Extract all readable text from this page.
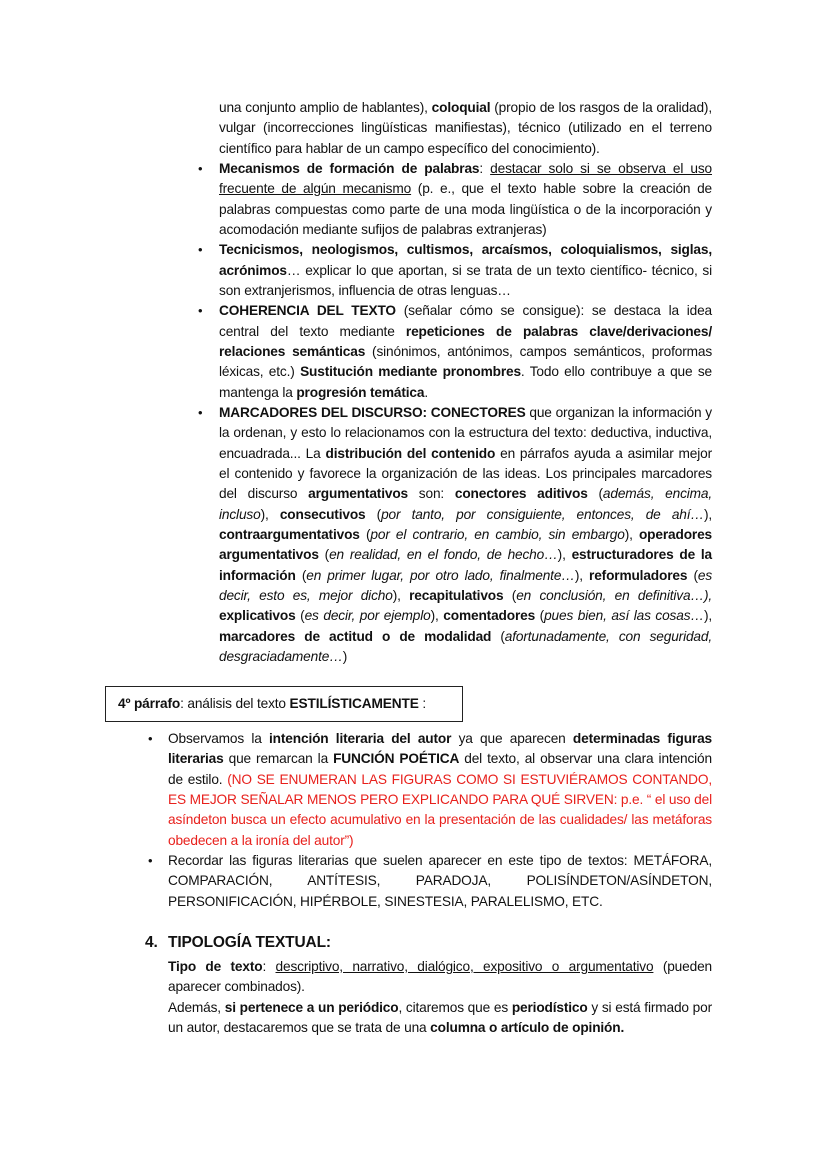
una conjunto amplio de hablantes), coloquial (propio de los rasgos de la oralidad), vulgar (incorrecciones lingüísticas manifiestas), técnico (utilizado en el terreno científico para hablar de un campo específico del conocimiento).

• Mecanismos de formación de palabras: destacar solo si se observa el uso frecuente de algún mecanismo (p. e., que el texto hable sobre la creación de palabras compuestas como parte de una moda lingüística o de la incorporación y acomodación mediante sufijos de palabras extranjeras)

• Tecnicismos, neologismos, cultismos, arcaísmos, coloquialismos, siglas, acrónimos… explicar lo que aportan, si se trata de un texto científico- técnico, si son extranjerismos, influencia de otras lenguas…

• COHERENCIA DEL TEXTO (señalar cómo se consigue): se destaca la idea central del texto mediante repeticiones de palabras clave/derivaciones/ relaciones semánticas (sinónimos, antónimos, campos semánticos, proformas léxicas, etc.) Sustitución mediante pronombres. Todo ello contribuye a que se mantenga la progresión temática.

• MARCADORES DEL DISCURSO: CONECTORES que organizan la información y la ordenan, y esto lo relacionamos con la estructura del texto: deductiva, inductiva, encuadrada... La distribución del contenido en párrafos ayuda a asimilar mejor el contenido y favorece la organización de las ideas. Los principales marcadores del discurso argumentativos son: conectores aditivos (además, encima, incluso), consecutivos (por tanto, por consiguiente, entonces, de ahí…), contraargumentativos (por el contrario, en cambio, sin embargo), operadores argumentativos (en realidad, en el fondo, de hecho…), estructuradores de la información (en primer lugar, por otro lado, finalmente…), reformuladores (es decir, esto es, mejor dicho), recapitulativos (en conclusión, en definitiva…), explicativos (es decir, por ejemplo), comentadores (pues bien, así las cosas…), marcadores de actitud o de modalidad (afortunadamente, con seguridad, desgraciadamente…)

4º párrafo: análisis del texto ESTILÍSTICAMENTE :
• Observamos la intención literaria del autor ya que aparecen determinadas figuras literarias que remarcan la FUNCIÓN POÉTICA del texto, al observar una clara intención de estilo. (NO SE ENUMERAN LAS FIGURAS COMO SI ESTUVIÉRAMOS CONTANDO, ES MEJOR SEÑALAR MENOS PERO EXPLICANDO PARA QUÉ SIRVEN: p.e. “ el uso del asíndeton busca un efecto acumulativo en la presentación de las cualidades/ las metáforas obedecen a la ironía del autor”)

• Recordar las figuras literarias que suelen aparecer en este tipo de textos: METÁFORA, COMPARACIÓN, ANTÍTESIS, PARADOJA, POLISÍNDETON/ASÍNDETON, PERSONIFICACIÓN, HIPÉRBOLE, SINESTESIA, PARALELISMO, ETC.

4. TIPOLOGÍA TEXTUAL:

Tipo de texto: descriptivo, narrativo, dialógico, expositivo o argumentativo (pueden aparecer combinados).

Además, si pertenece a un periódico, citaremos que es periodístico y si está firmado por un autor, destacaremos que se trata de una columna o artículo de opinión.
